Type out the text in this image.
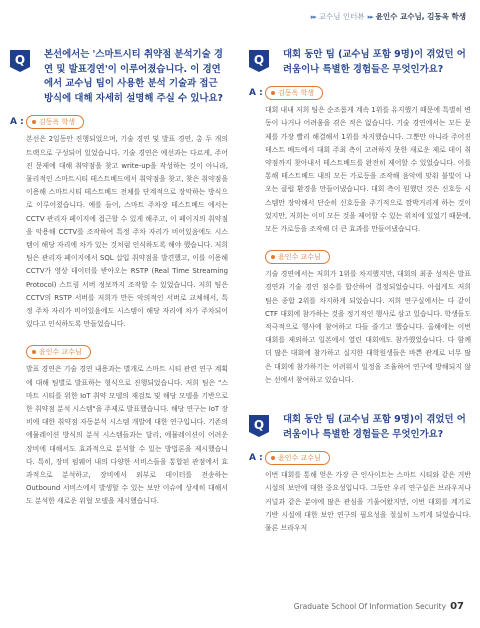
▸▸ 교수님 인터뷰 ▸▸ 윤인수 교수님, 김동옥 학생
Q 본선에서는 '스마트시티 취약점 분석기술 경연 및 발표경연'이 이루어졌습니다. 이 경연에서 교수님 팀이 사용한 분석 기술과 접근 방식에 대해 자세히 설명해 주실 수 있나요?
A :	김동옥 학생
본선은 2일동안 진행되었으며, 기술 경연 및 발표 경연, 총 두 개의 트랙으로 구성되어 있었습니다. 기술 경연은 예선과는 다르게, 주어진 문제에 대해 취약점을 찾고 write-up을 작성하는 것이 아니라, 물리적인 스마트시티 테스트베드에서 취약점을 찾고, 찾은 취약점을 이용해 스마트시티 테스트베드 전체를 단계적으로 장악하는 방식으로 이루어졌습니다. 예를 들어, 스마트 주차장 테스트베드 에서는 CCTV 관리자 페이지에 접근할 수 있게 해주고, 이 페이지의 취약점을 악용해 CCTV를 조작하여 특정 주차 자리가 비어있음에도 시스템이 해당 자리에 차가 있는 것처럼 인식하도록 해야 했습니다. 저희 팀은 관리자 페이지에서 SQL 삽입 취약점을 발견했고, 이를 이용해 CCTV가 영상 데이터를 받아오는 RSTP (Real Time Streaming Protocol) 스트림 서버 정보까지 조작할 수 있었습니다. 저희 팀은 CCTV의 RSTP 서버를 저희가 만든 악의적인 서버로 교체해서, 특정 주차 자리가 비어있음에도 시스템이 해당 자리에 차가 주차되어 있다고 인식하도록 만들었습니다.
윤인수 교수님
발표 경연은 기술 경연 내용과는 별개로 스마트 시티 관련 연구 계획에 대해 팀별로 발표하는 형식으로 진행되었습니다. 저희 팀은 "스마트 시티를 위한 IoT 취약 모델의 재검토 및 해당 모델을 기반으로 한 취약점 분석 시스템"을 주제로 발표했습니다. 해당 연구는 IoT 장비에 대한 취약점 자동분석 시스템 개발에 대한 연구입니다. 기존의 에뮬레이션 방식의 분석 시스템들과는 달리, 에뮬레이션이 어려운 장비에 대해서도 효과적으로 분석할 수 있는 방법론을 제시했습니다. 특히, 장비 펌웨어 내의 다양한 서비스들을 통합된 관점에서 효과적으로 분석하고, 장비에서 외부로 데이터를 전송하는 Outbound 서비스에서 발생할 수 있는 보안 이슈에 상세히 대해서도 분석한 새로운 위협 모델을 제시했습니다.
Q 대회 동안 팀 (교수님 포함 9명)이 겪었던 어려움이나 특별한 경험들은 무엇인가요?
A :	김동옥 학생
대회 내내 저희 팀은 순조롭게 계속 1위를 유지했기 때문에 특별히 변동이 나거나 어려움을 겪은 적은 없습니다. 기술 경연에서는 모든 문제를 가장 빨리 해결해서 1위를 차지했습니다. 그뿐만 아니라 주어진 테스트 베드에서 대회 주최 측이 고려하지 못한 새로운 제로 데이 취약점까지 찾아내서 테스트베드를 완전히 제어할 수 있었습니다. 이를 통해 테스트베드 내의 모든 가로등을 조작해 음악에 맞춰 불빛이 나오는 클럽 환경을 만들어냈습니다. 대회 측이 원했던 것은 신호등 시스템만 장악해서 단순히 신호등을 주기적으로 깜박거리게 하는 것이었지만, 저희는 이미 모든 것을 제어할 수 있는 위치에 있었기 때문에, 모든 가로등을 조작해 더 큰 효과를 만들어냈습니다.
윤인수 교수님
기술 경연에서는 저희가 1위를 차지했지만, 대회의 최종 성적은 발표 경연과 기술 경연 점수를 합산하여 결정되었습니다. 아쉽게도 저희 팀은 종합 2위를 차지하게 되었습니다. 저희 연구실에서는 다 같이 CTF 대회에 참가하는 것을 정기적인 행사로 삼고 있습니다. 학생들도 적극적으로 행사에 참여하고 다들 즐기고 했습니다. 올해에는 이번 대회를 제외하고 일본에서 열린 대회에도 참가했었습니다. 다 함께 더 많은 대회에 참가하고 실지한 대학원생들은 바쁜 관계로 너무 많은 대회에 참가하기는 어려워서 일정을 조율하여 연구에 방해되지 않는 선에서 참여하고 있습니다.
Q 대회 동안 팀 (교수님 포함 9명)이 겪었던 어려움이나 특별한 경험들은 무엇인가요?
A :	윤인수 교수님
이번 대회를 통해 얻은 가장 큰 인사이트는 스마트 시티와 같은 거반 시설의 보안에 대한 중요성입니다. 그동안 우리 연구실은 브라우저나 커널과 같은 분야에 많은 관심을 기울여왔지만, 이번 대회를 계기로 기반 시설에 대한 보안 연구의 필요성을 절실히 느끼게 되었습니다. 물론 브라우저
Graduate School Of Information Security 07
